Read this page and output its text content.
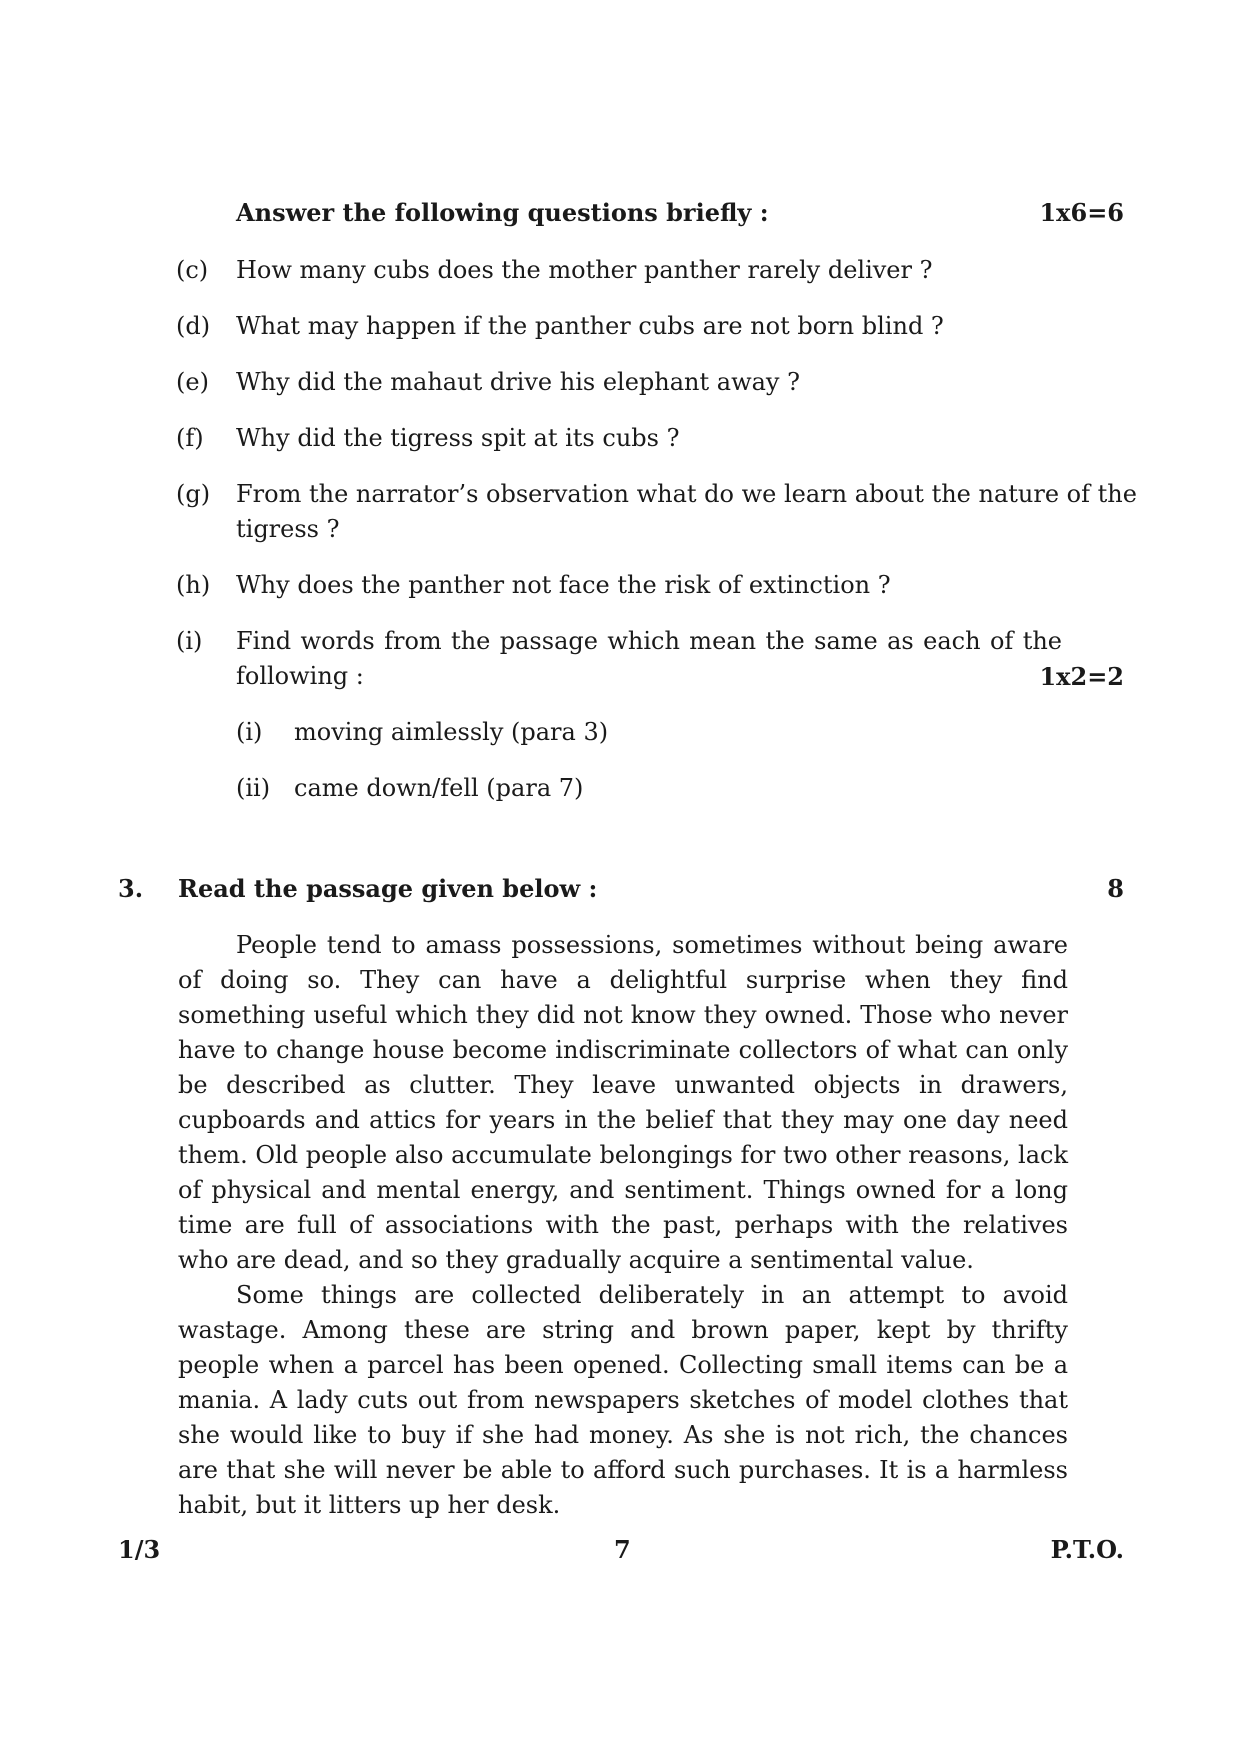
Answer the following questions briefly :	1x6=6
(c)	How many cubs does the mother panther rarely deliver ?
(d) What may happen if the panther cubs are not born blind ?
(e) Why did the mahaut drive his elephant away ?
(f)	Why did the tigress spit at its cubs ?
(g) From the narrator’s observation what do we learn about the nature of the
tigress ?
(h) Why does the panther not face the risk of extinction ?
(i)	Find words from the passage which mean the same as each of the
following :	1x2=2
(i) moving aimlessly (para 3)
(ii) came down/fell (para 7)
3. Read the passage given below :	8
People tend to amass possessions, sometimes without being aware of doing so. They can have a delightful surprise when they find something useful which they did not know they owned. Those who never have to change house become indiscriminate collectors of what can only be described as clutter. They leave unwanted objects in drawers, cupboards and attics for years in the belief that they may one day need them. Old people also accumulate belongings for two other reasons, lack of physical and mental energy, and sentiment. Things owned for a long time are full of associations with the past, perhaps with the relatives who are dead, and so they gradually acquire a sentimental value.
Some things are collected deliberately in an attempt to avoid wastage. Among these are string and brown paper, kept by thrifty people when a parcel has been opened. Collecting small items can be a mania. A lady cuts out from newspapers sketches of model clothes that she would like to buy if she had money. As she is not rich, the chances are that she will never be able to afford such purchases. It is a harmless habit, but it litters up her desk.
1/3	7	P.T.O.
